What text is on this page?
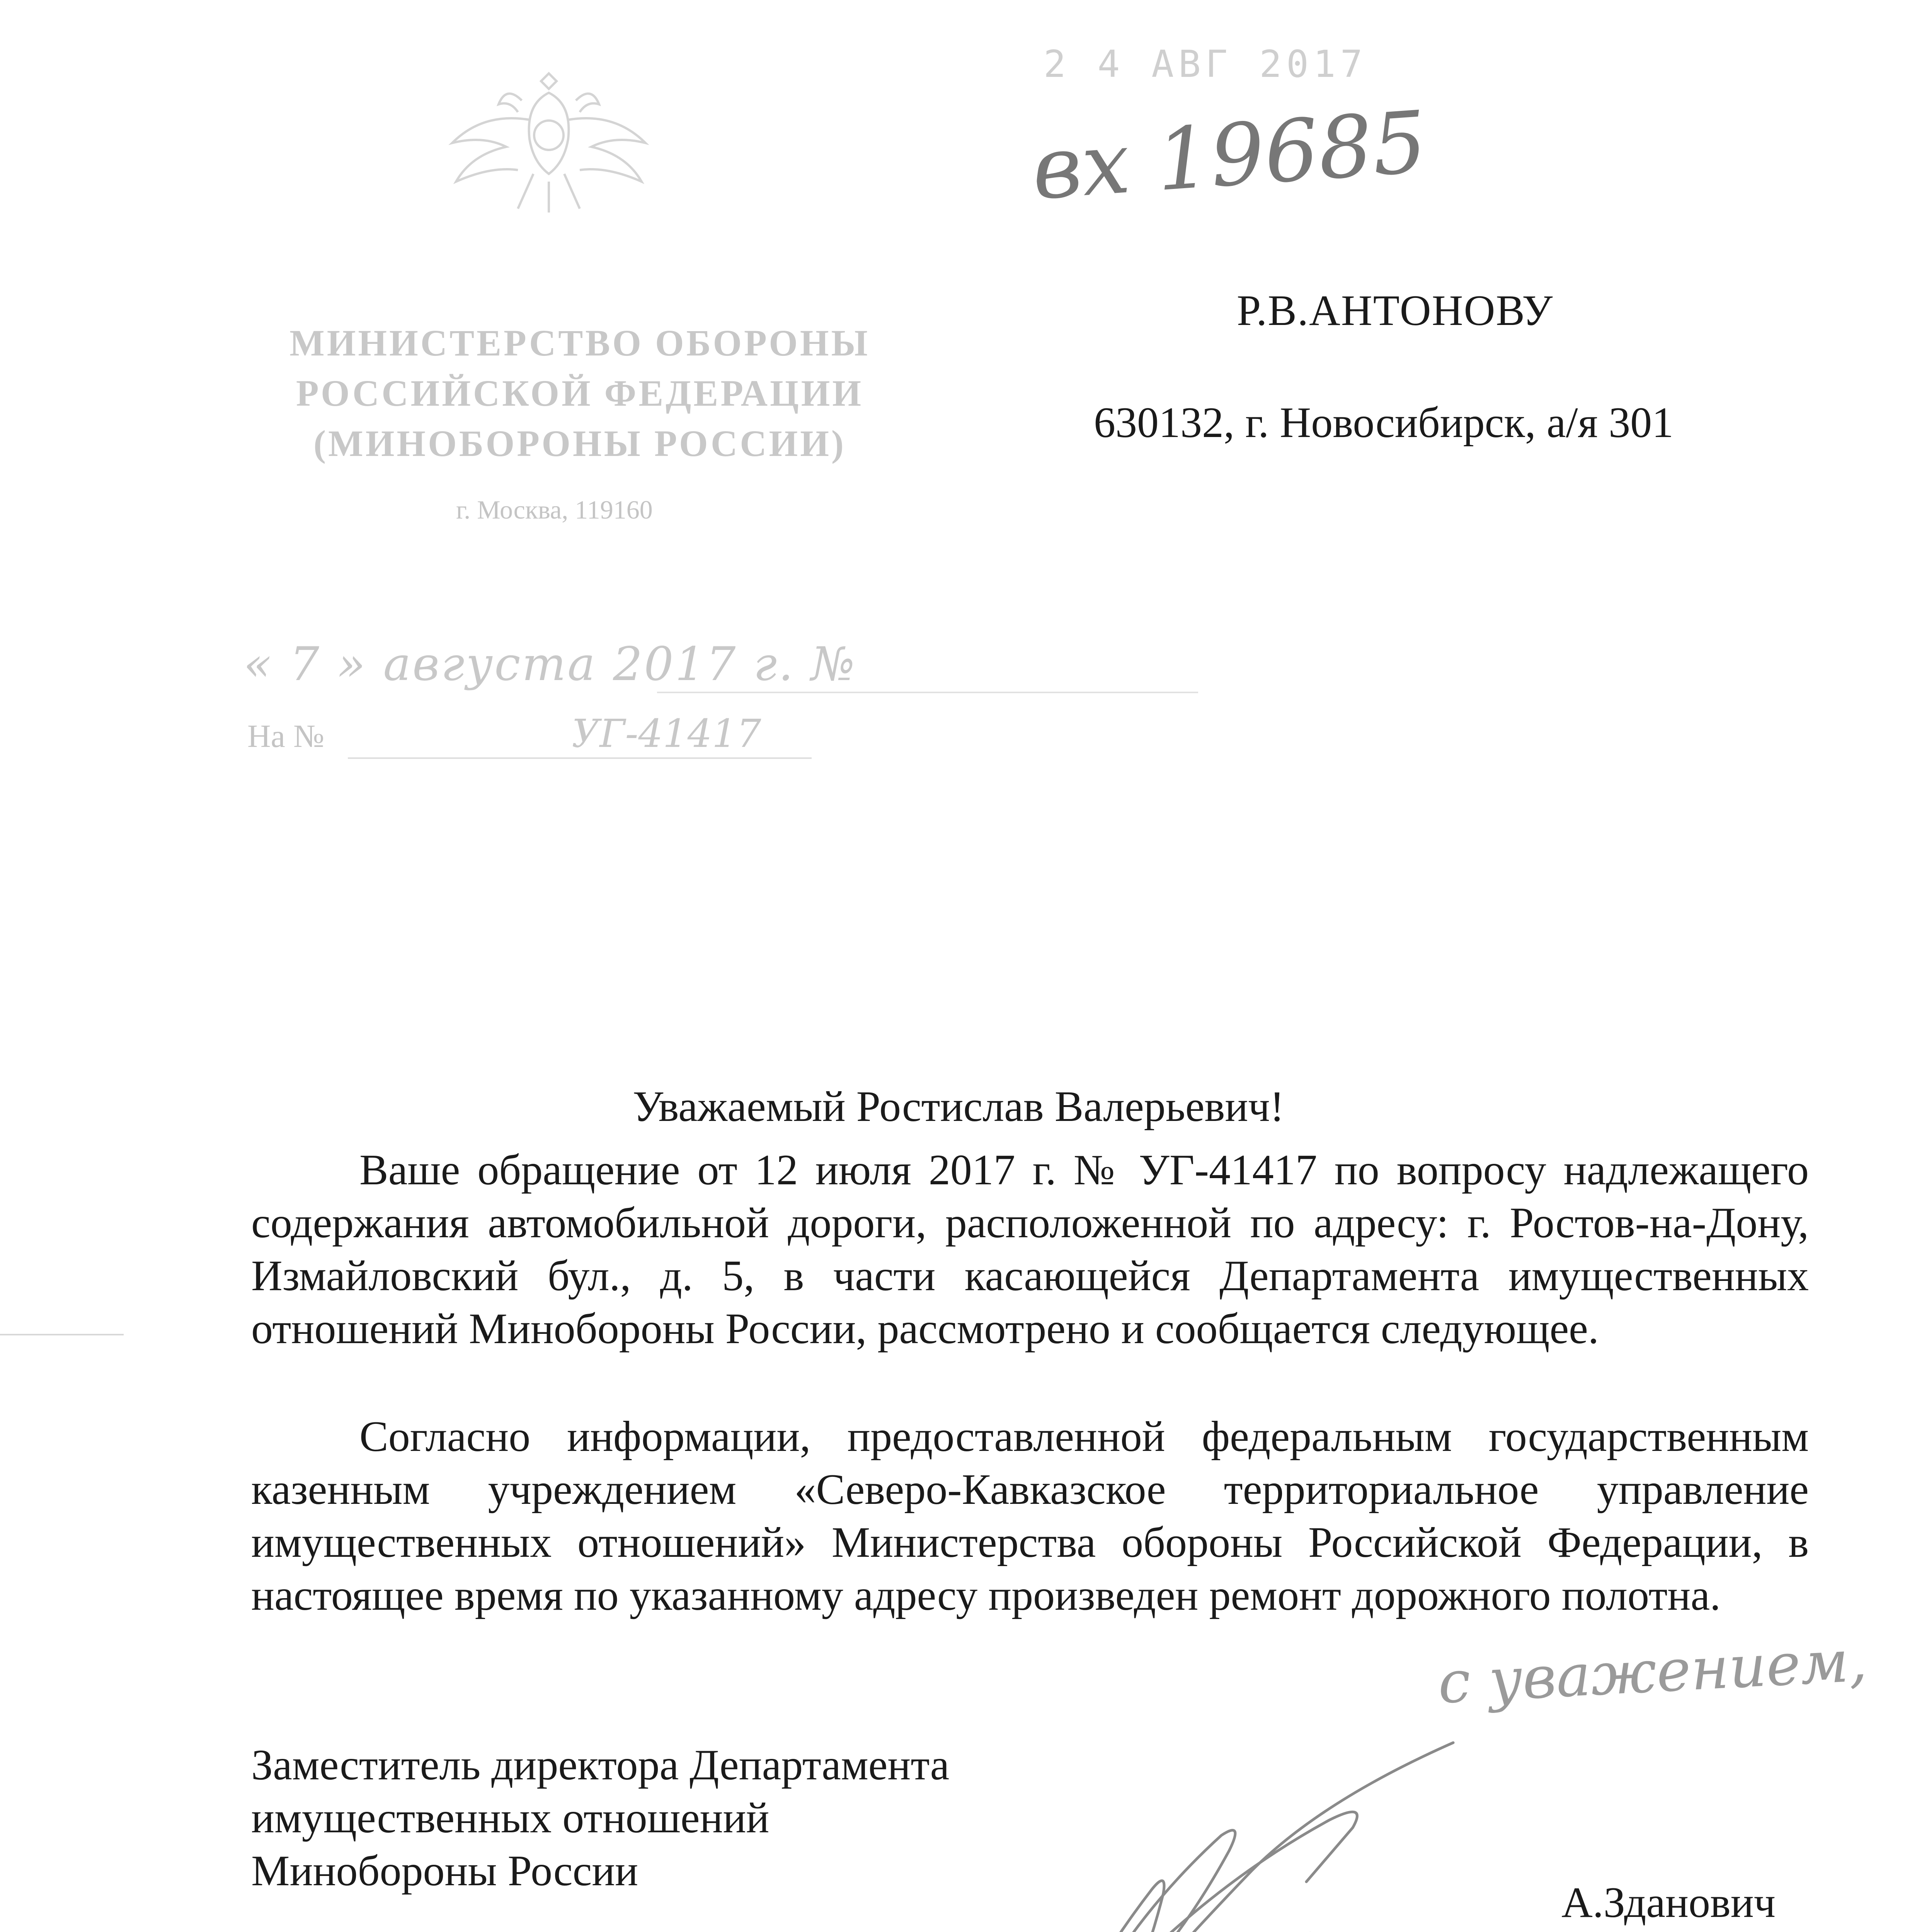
МИНИСТЕРСТВО ОБОРОНЫ
РОССИЙСКОЙ ФЕДЕРАЦИИ
(МИНОБОРОНЫ РОССИИ)
г. Москва, 119160
« 7 » августа 2017 г. №
На №	УГ-41417
2 4 АВГ 2017
вх 19685
Р.В.АНТОНОВУ
630132, г. Новосибирск, а/я 301
Уважаемый Ростислав Валерьевич!

Ваше обращение от 12 июля 2017 г. № УГ-41417 по вопросу надлежащего содержания автомобильной дороги, расположенной по адресу: г. Ростов-на-Дону, Измайловский бул., д. 5, в части касающейся Департамента имущественных отношений Минобороны России, рассмотрено и сообщается следующее.

Согласно информации, предоставленной федеральным государственным казенным учреждением «Северо-Кавказское территориальное управление имущественных отношений» Министерства обороны Российской Федерации, в настоящее время по указанному адресу произведен ремонт дорожного полотна.

с уважением,
Заместитель директора Департамента
имущественных отношений
Минобороны России
А.Зданович
